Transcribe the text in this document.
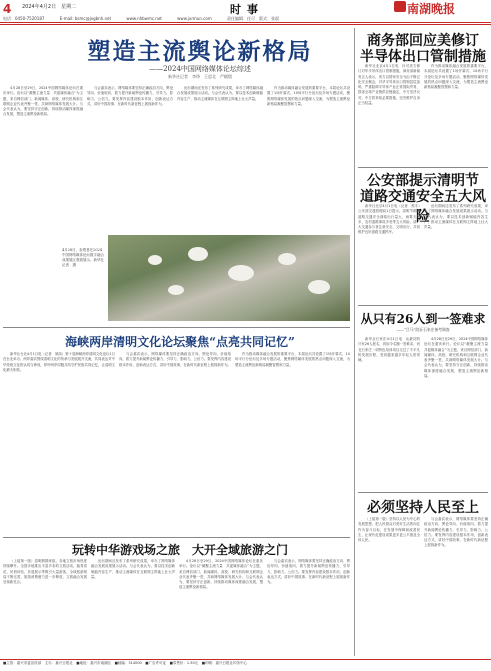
4 2024年4月2日　星期二	时事	南湖晚报
电话：0450-7520187	E-mail: bsmc@jxgbnh.net	www.nhbwmc.net	www.jxrmun.com	责任编辑：任可　版式：张晨
塑造主流舆论新格局
——2024中国网络媒体论坛综述
新华社记者　李铮　王思北　严赋憬

4月28日至29日，2024中国网络媒体论坛在重庆举行。论坛以“凝聚主流力量　共促媒体融合”为主题，来自网信部门、新闻媒体、高校、研究机构和互联网企业代表齐聚一堂，共商网络媒体发展大计。与会代表认为，要坚持守正创新，持续推动媒体深度融合发展，塑造主流舆论新格局。

与会嘉宾表示，网络媒体要坚持正确政治方向、舆论导向、价值取向，着力提升新闻舆论传播力、引导力、影响力、公信力。要发挥内容建设根本作用，创新表达方式，讲好中国故事，在新时代新征程上展现新作为。

论坛期间还发布了系列研究成果，举办了网络媒体融合发展成果展示活动。与会代表认为，要以技术创新赋能内容生产，推动主流媒体在互联网主阵地上壮大声量。

作为推动媒体融合发展的重要平台，本届论坛共设置了1场开幕式、10场平行分论坛及多场专题活动，聚焦网络媒体发展的热点问题深入交流，为塑造主流舆论新格局凝聚智慧和力量。

4月28日，参观者在2024中国网络媒体论坛数字融合成果展区观看展示。新华社记者　摄
海峡两岸清明文化论坛聚焦“点亮共同记忆”

新华社台北4月1日电（记者　姚纬）第十届海峡两岸清明文化论坛1日在台北举办。两岸嘉宾围绕清明文化的传承与发展展开交流，共同表达对中华传统文化的认同与珍视，呼吁两岸同胞共同守护民族共同记忆，让清明文化薪火相传。

与会嘉宾表示，网络媒体要坚持正确政治方向、舆论导向、价值取向，着力提升新闻舆论传播力、引导力、影响力、公信力。要发挥内容建设根本作用，创新表达方式，讲好中国故事，在新时代新征程上展现新作为。

作为推动媒体融合发展的重要平台，本届论坛共设置了1场开幕式、10场平行分论坛及多场专题活动，聚焦网络媒体发展的热点问题深入交流，为塑造主流舆论新格局凝聚智慧和力量。

玩转中华游戏场之旅　 大开全域旅游之门

（上接第一版）清明假期来临，各地文旅市场热度持续攀升。全国多地推出丰富多彩的文旅活动，踏青赏花、民俗体验、非遗展示等吸引大量游客，全域旅游格局不断完善，旅游消费潜力进一步释放，文旅融合发展呈现新亮点。

论坛期间还发布了系列研究成果，举办了网络媒体融合发展成果展示活动。与会代表认为，要以技术创新赋能内容生产，推动主流媒体在互联网主阵地上壮大声量。

4月28日至29日，2024中国网络媒体论坛在重庆举行。论坛以“凝聚主流力量　共促媒体融合”为主题，来自网信部门、新闻媒体、高校、研究机构和互联网企业代表齐聚一堂，共商网络媒体发展大计。与会代表认为，要坚持守正创新，持续推动媒体深度融合发展，塑造主流舆论新格局。

与会嘉宾表示，网络媒体要坚持正确政治方向、舆论导向、价值取向，着力提升新闻舆论传播力、引导力、影响力、公信力。要发挥内容建设根本作用，创新表达方式，讲好中国故事，在新时代新征程上展现新作为。

商务部回应美修订
半导体出口管制措施

新华社北京4月1日电　针对美方修订对华半导体出口管制措施，商务部新闻发言人表示，美方以国家安全为由不断泛化安全概念，对华半导体出口管制层层加码，严重阻碍半导体产业正常国际贸易，损害全球产业链供应链稳定，中方坚决反对。中方将采取必要措施，坚决维护自身正当权益。

作为推动媒体融合发展的重要平台，本届论坛共设置了1场开幕式、10场平行分论坛及多场专题活动，聚焦网络媒体发展的热点问题深入交流，为塑造主流舆论新格局凝聚智慧和力量。

公安部提示清明节
道路交通安全五大风险

新华社北京4月1日电（记者　熊丰）公安部交通管理局1日提示，清明节期间道路交通安全面临出行量大、雨雾天气多、农村道路事故多发等五大风险，请广大交通参与者注意安全，文明出行，共同维护良好道路交通秩序。

论坛期间还发布了系列研究成果，举办了网络媒体融合发展成果展示活动。与会代表认为，要以技术创新赋能内容生产，推动主流媒体在互联网主阵地上壮大声量。

从只有26人到一签难求
——“吕马”院证石家庄备考调查

新华社石家庄4月1日电　从最初的只有26人报名，到如今名额一签难求，河北石家庄一项特色培训项目走过了不平凡的发展历程，受到越来越多年轻人的青睐。

4月28日至29日，2024中国网络媒体论坛在重庆举行。论坛以“凝聚主流力量　共促媒体融合”为主题，来自网信部门、新闻媒体、高校、研究机构和互联网企业代表齐聚一堂，共商网络媒体发展大计。与会代表认为，要坚持守正创新，持续推动媒体深度融合发展，塑造主流舆论新格局。

必须坚持人民至上

（上接第一版）坚持以人民为中心的发展思想，把人民群众对美好生活的向往作为奋斗目标，在发展中保障和改善民生，让现代化建设成果更多更公平惠及全体人民。

与会嘉宾表示，网络媒体要坚持正确政治方向、舆论导向、价值取向，着力提升新闻舆论传播力、引导力、影响力、公信力。要发挥内容建设根本作用，创新表达方式，讲好中国故事，在新时代新征程上展现新作为。

■主管：嘉兴市委宣传部　主办：嘉兴日报社　■地址：嘉兴市南湖区　■邮编：314000　■广告许可证　■零售价：1.50元　■印刷：嘉兴日报社印务中心
